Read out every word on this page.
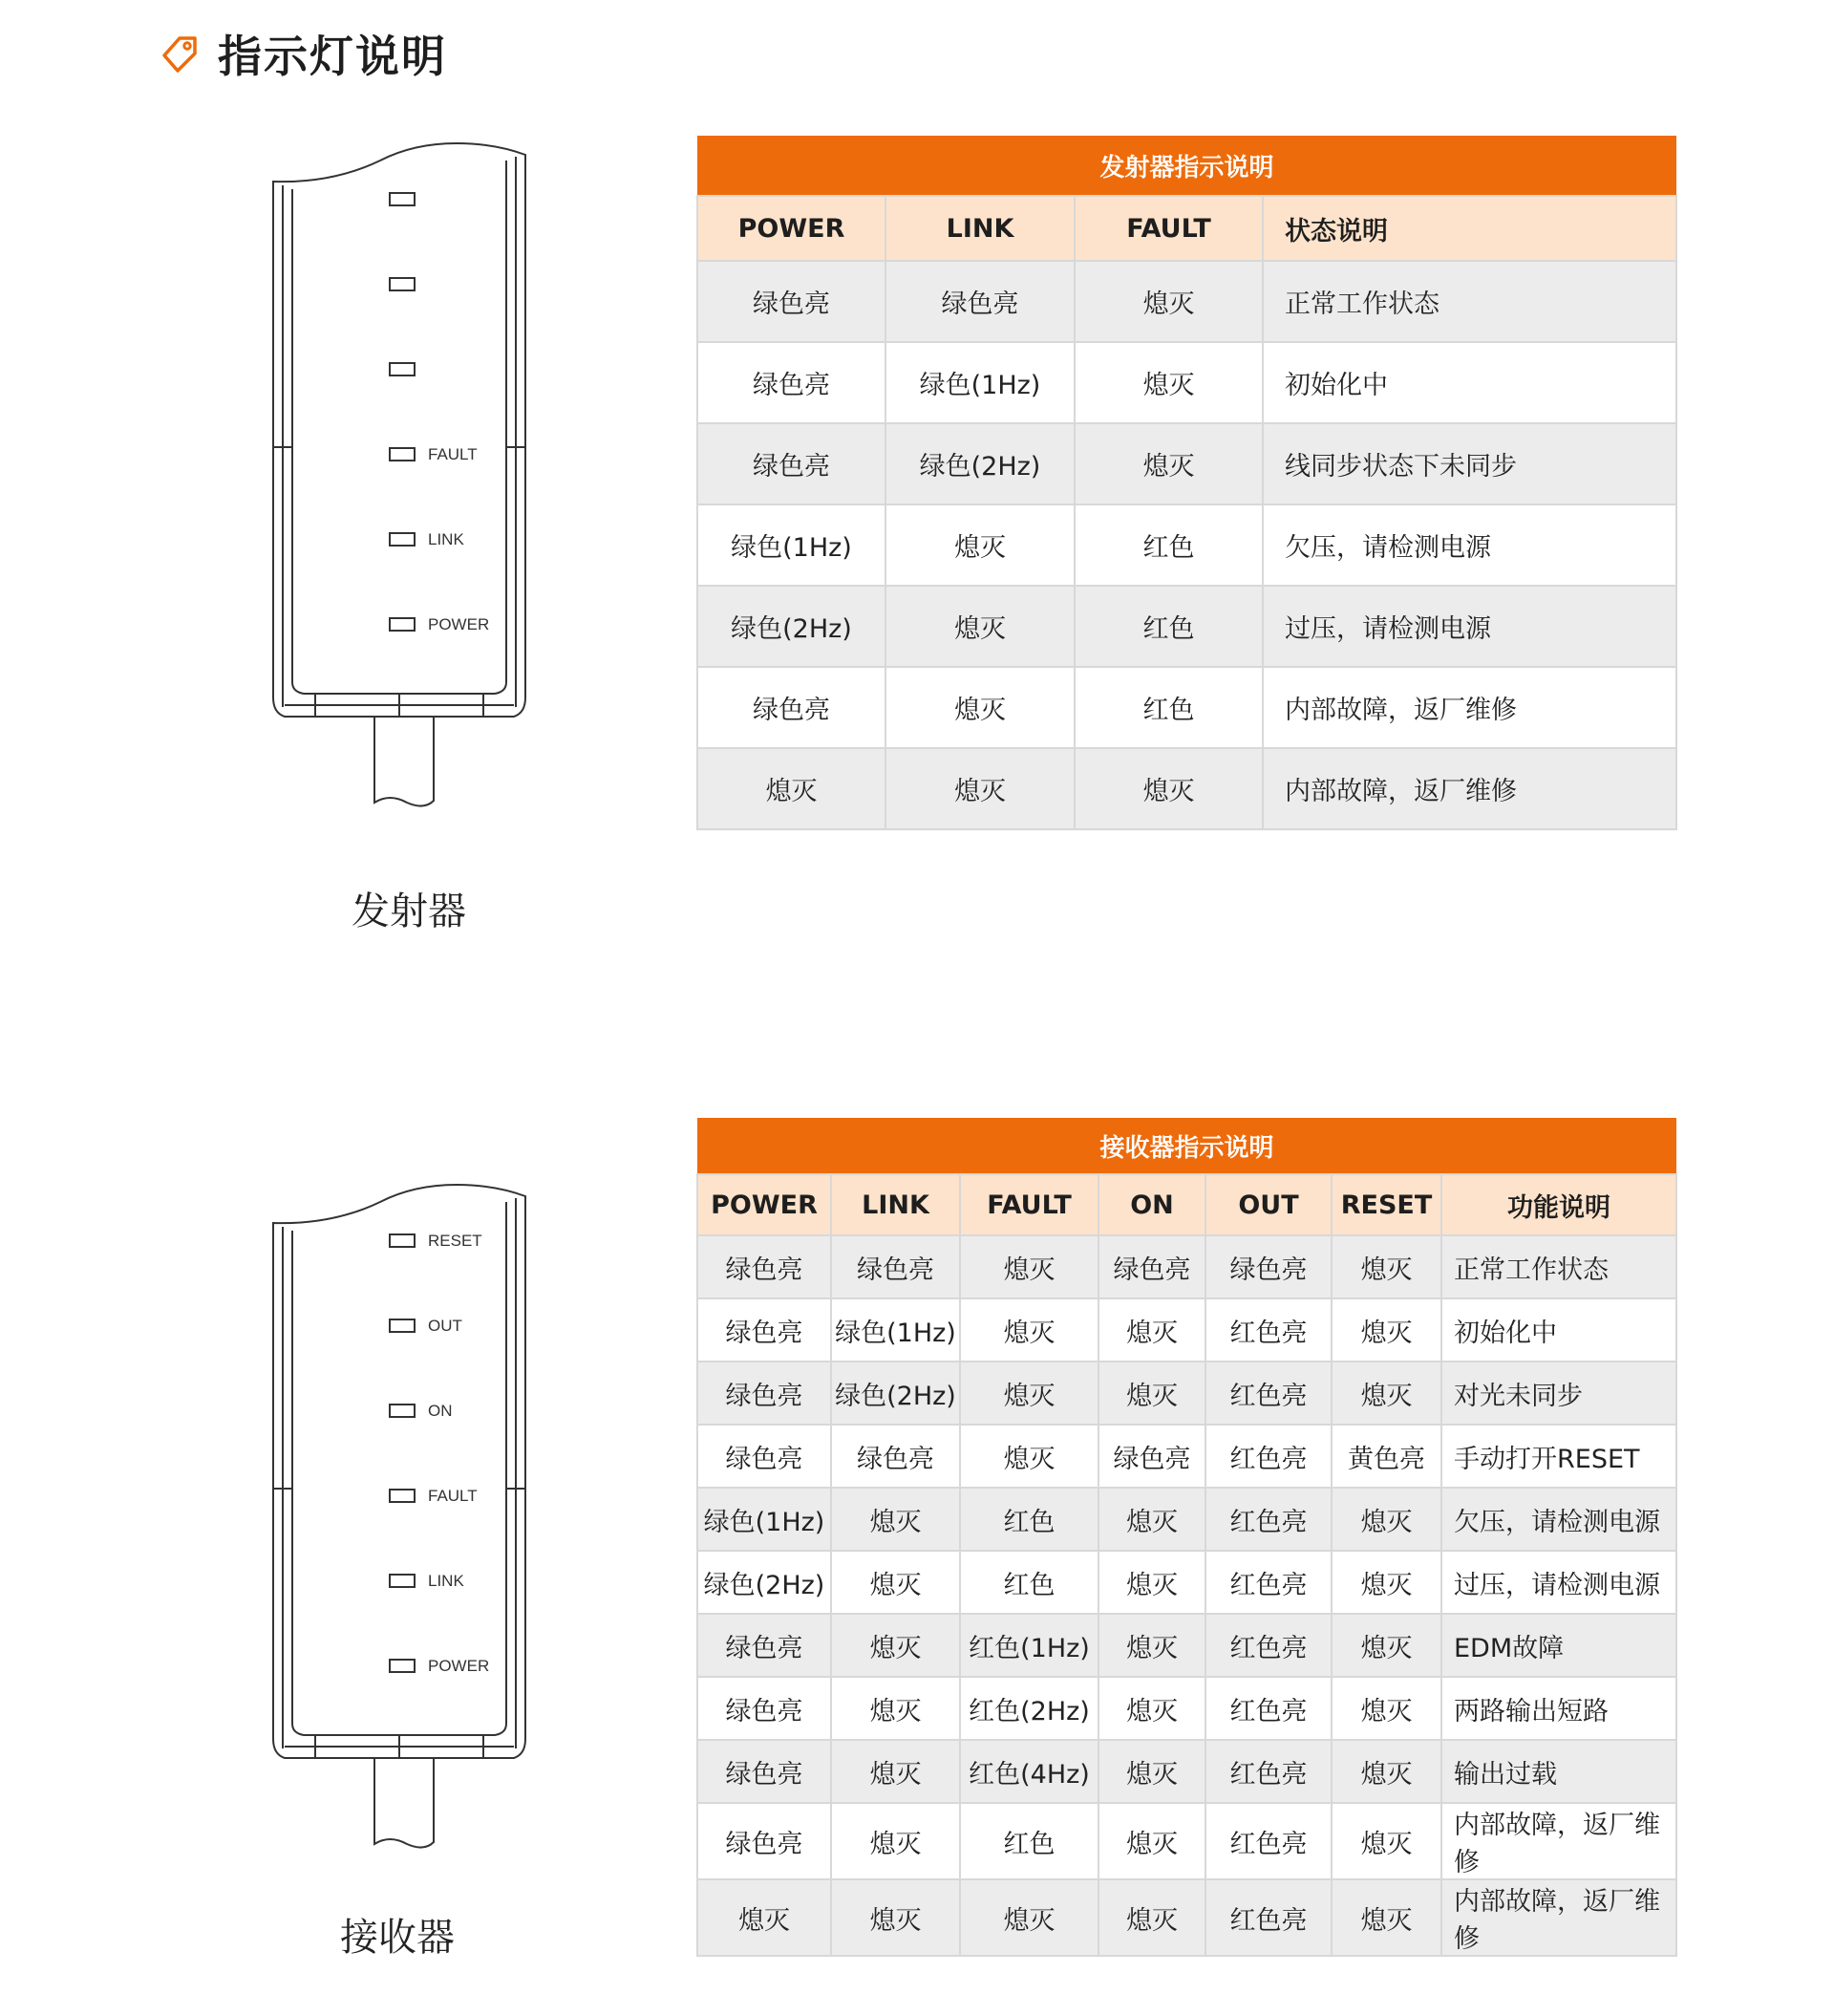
指示灯说明
FAULT
LINK
POWER
发射器
发射器指示说明			
POWER	LINK	FAULT	状态说明
绿色亮	绿色亮	熄灭	正常工作状态
绿色亮	绿色(1Hz)	熄灭	初始化中
绿色亮	绿色(2Hz)	熄灭	线同步状态下未同步
绿色(1Hz)	熄灭	红色	欠压，请检测电源
绿色(2Hz)	熄灭	红色	过压，请检测电源
绿色亮	熄灭	红色	内部故障，返厂维修
熄灭	熄灭	熄灭	内部故障，返厂维修
RESET
OUT
ON
FAULT
LINK
POWER
接收器
接收器指示说明						
POWER	LINK	FAULT	ON	OUT	RESET	功能说明
绿色亮	绿色亮	熄灭	绿色亮	绿色亮	熄灭	正常工作状态
绿色亮	绿色(1Hz)	熄灭	熄灭	红色亮	熄灭	初始化中
绿色亮	绿色(2Hz)	熄灭	熄灭	红色亮	熄灭	对光未同步
绿色亮	绿色亮	熄灭	绿色亮	红色亮	黄色亮	手动打开RESET
绿色(1Hz)	熄灭	红色	熄灭	红色亮	熄灭	欠压，请检测电源
绿色(2Hz)	熄灭	红色	熄灭	红色亮	熄灭	过压，请检测电源
绿色亮	熄灭	红色(1Hz)	熄灭	红色亮	熄灭	EDM故障
绿色亮	熄灭	红色(2Hz)	熄灭	红色亮	熄灭	两路输出短路
绿色亮	熄灭	红色(4Hz)	熄灭	红色亮	熄灭	输出过载
绿色亮	熄灭	红色	熄灭	红色亮	熄灭	内部故障，返厂维修
熄灭	熄灭	熄灭	熄灭	红色亮	熄灭	内部故障，返厂维修
